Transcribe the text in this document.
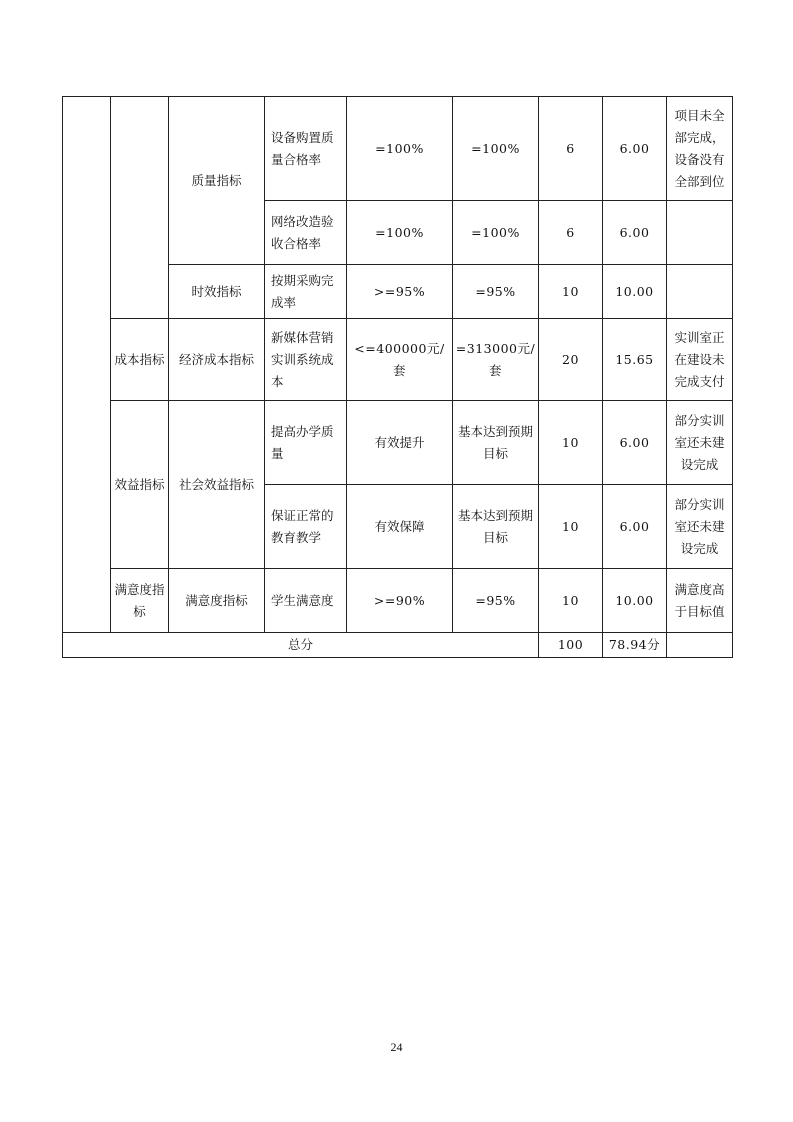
		质量指标	设备购置质量合格率	=100%	=100%	6	6.00	项目未全部完成，设备没有全部到位
			网络改造验收合格率	=100%	=100%	6	6.00	
		时效指标	按期采购完成率	>=95%	=95%	10	10.00	
	成本指标	经济成本指标	新媒体营销实训系统成本	<=400000元/套	=313000元/套	20	15.65	实训室正在建设未完成支付
	效益指标	社会效益指标	提高办学质量	有效提升	基本达到预期目标	10	6.00	部分实训室还未建设完成
			保证正常的教育教学	有效保障	基本达到预期目标	10	6.00	部分实训室还未建设完成
	满意度指标	满意度指标	学生满意度	>=90%	=95%	10	10.00	满意度高于目标值
总分						100	78.94分	
24
